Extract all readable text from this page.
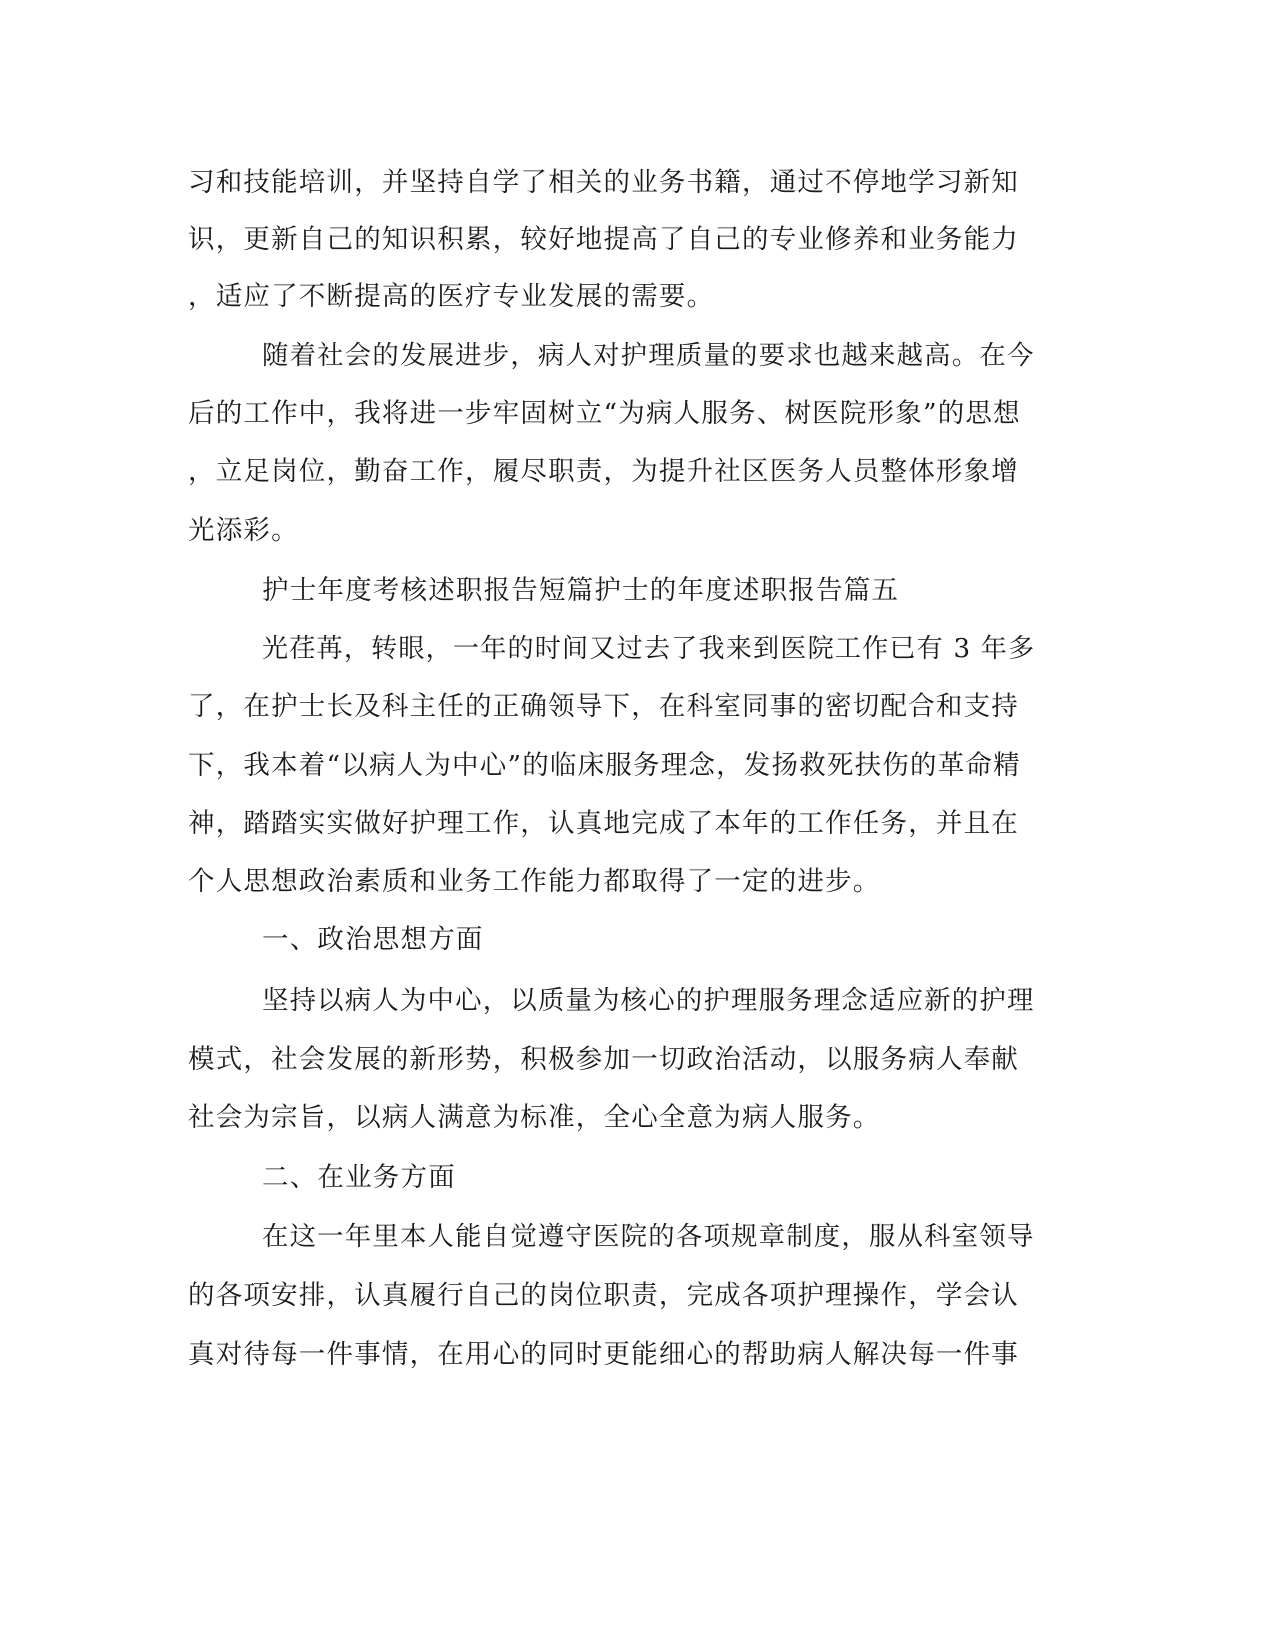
习和技能培训，并坚持自学了相关的业务书籍，通过不停地学习新知

识，更新自己的知识积累，较好地提高了自己的专业修养和业务能力

，适应了不断提高的医疗专业发展的需要。

随着社会的发展进步，病人对护理质量的要求也越来越高。在今

后的工作中，我将进一步牢固树立“为病人服务、树医院形象”的思想

，立足岗位，勤奋工作，履尽职责，为提升社区医务人员整体形象增

光添彩。

护士年度考核述职报告短篇护士的年度述职报告篇五

光荏苒，转眼，一年的时间又过去了我来到医院工作已有 3 年多

了，在护士长及科主任的正确领导下，在科室同事的密切配合和支持

下，我本着“以病人为中心”的临床服务理念，发扬救死扶伤的革命精

神，踏踏实实做好护理工作，认真地完成了本年的工作任务，并且在

个人思想政治素质和业务工作能力都取得了一定的进步。

一、政治思想方面

坚持以病人为中心，以质量为核心的护理服务理念适应新的护理

模式，社会发展的新形势，积极参加一切政治活动，以服务病人奉献

社会为宗旨，以病人满意为标准，全心全意为病人服务。

二、在业务方面

在这一年里本人能自觉遵守医院的各项规章制度，服从科室领导

的各项安排，认真履行自己的岗位职责，完成各项护理操作，学会认

真对待每一件事情，在用心的同时更能细心的帮助病人解决每一件事
